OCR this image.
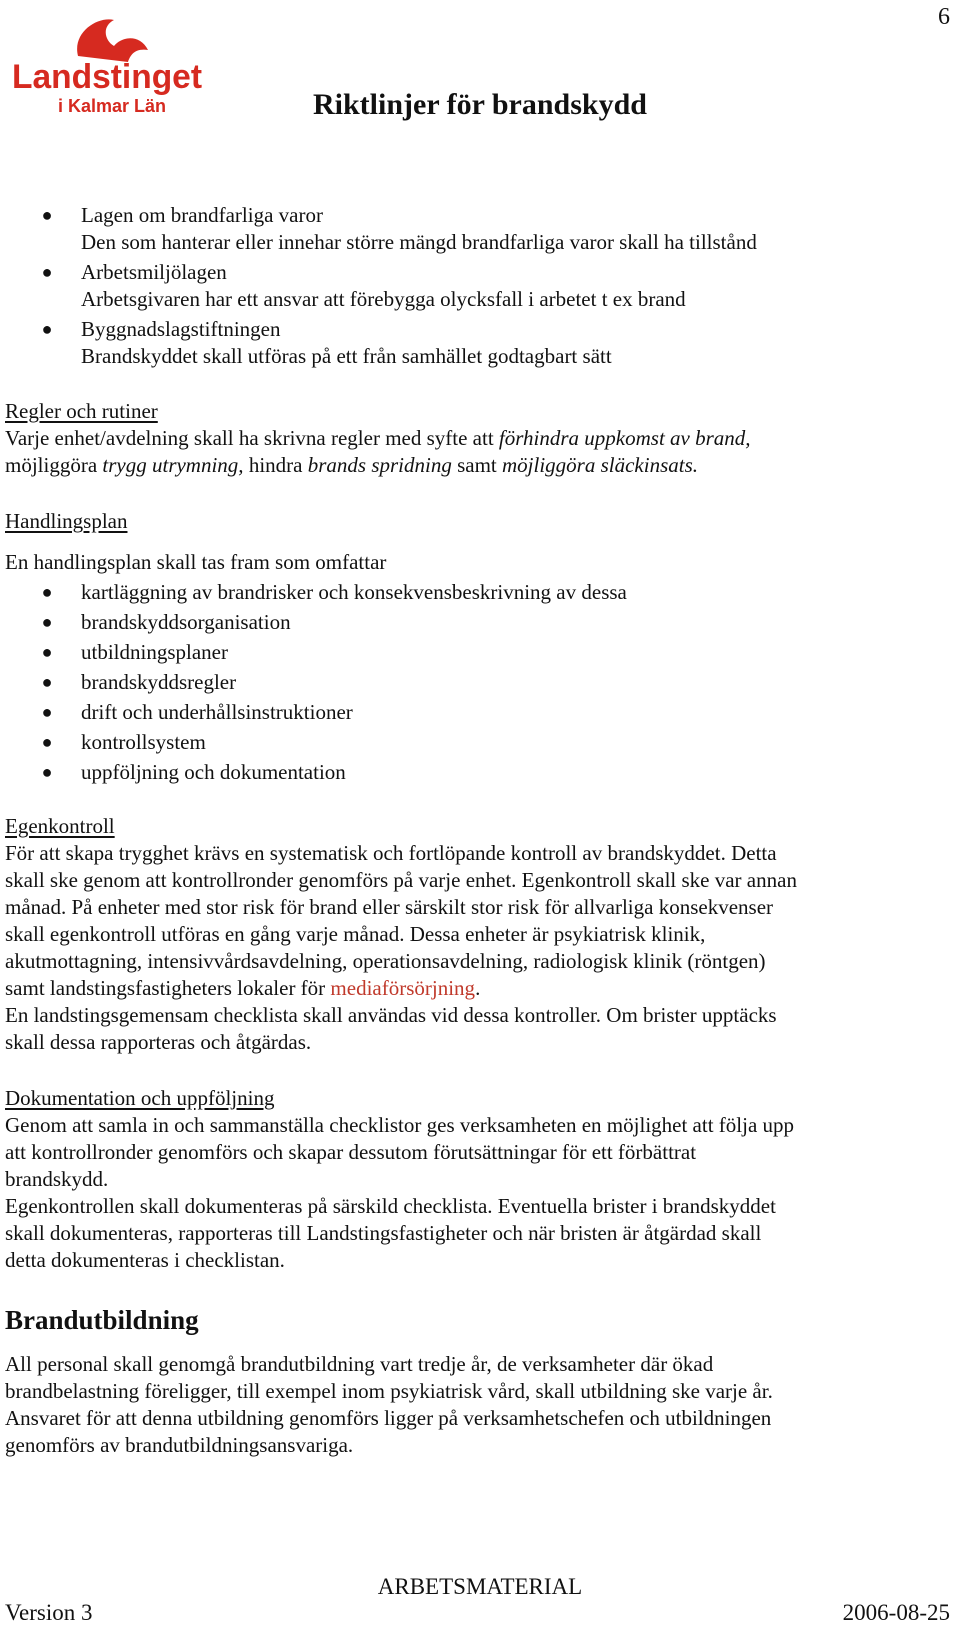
6
Landstinget
i Kalmar Län	Riktlinjer för brandskydd
● Lagen om brandfarliga varor
Den som hanterar eller innehar större mängd brandfarliga varor skall ha tillstånd
● Arbetsmiljölagen
Arbetsgivaren har ett ansvar att förebygga olycksfall i arbetet t ex brand
● Byggnadslagstiftningen
Brandskyddet skall utföras på ett från samhället godtagbart sätt
Regler och rutiner
Varje enhet/avdelning skall ha skrivna regler med syfte att förhindra uppkomst av brand,
möjliggöra trygg utrymning, hindra brands spridning samt möjliggöra släckinsats.
Handlingsplan
En handlingsplan skall tas fram som omfattar
● kartläggning av brandrisker och konsekvensbeskrivning av dessa
● brandskyddsorganisation
● utbildningsplaner
● brandskyddsregler
● drift och underhållsinstruktioner
● kontrollsystem
● uppföljning och dokumentation
Egenkontroll
För att skapa trygghet krävs en systematisk och fortlöpande kontroll av brandskyddet. Detta
skall ske genom att kontrollronder genomförs på varje enhet. Egenkontroll skall ske var annan
månad. På enheter med stor risk för brand eller särskilt stor risk för allvarliga konsekvenser
skall egenkontroll utföras en gång varje månad. Dessa enheter är psykiatrisk klinik,
akutmottagning, intensivvårdsavdelning, operationsavdelning, radiologisk klinik (röntgen)
samt landstingsfastigheters lokaler för mediaförsörjning.
En landstingsgemensam checklista skall användas vid dessa kontroller. Om brister upptäcks
skall dessa rapporteras och åtgärdas.
Dokumentation och uppföljning
Genom att samla in och sammanställa checklistor ges verksamheten en möjlighet att följa upp
att kontrollronder genomförs och skapar dessutom förutsättningar för ett förbättrat
brandskydd.
Egenkontrollen skall dokumenteras på särskild checklista. Eventuella brister i brandskyddet
skall dokumenteras, rapporteras till Landstingsfastigheter och när bristen är åtgärdad skall
detta dokumenteras i checklistan.
Brandutbildning
All personal skall genomgå brandutbildning vart tredje år, de verksamheter där ökad
brandbelastning föreligger, till exempel inom psykiatrisk vård, skall utbildning ske varje år.
Ansvaret för att denna utbildning genomförs ligger på verksamhetschefen och utbildningen
genomförs av brandutbildningsansvariga.
ARBETSMATERIAL
Version 3	2006-08-25
